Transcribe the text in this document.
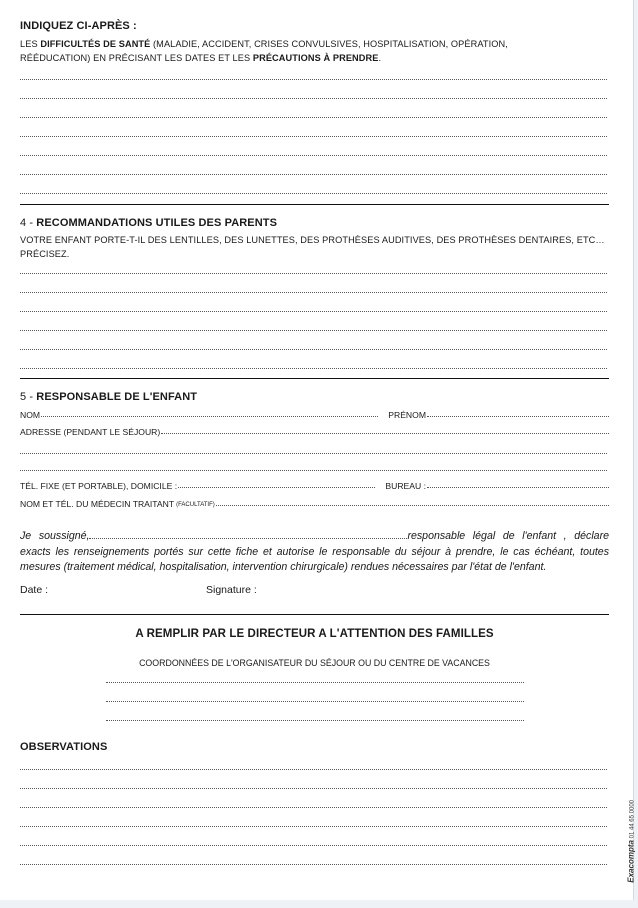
INDIQUEZ CI-APRÈS :
LES DIFFICULTÉS DE SANTÉ (MALADIE, ACCIDENT, CRISES CONVULSIVES, HOSPITALISATION, OPÉRATION,
RÉÉDUCATION) EN PRÉCISANT LES DATES ET LES PRÉCAUTIONS À PRENDRE.
4 - RECOMMANDATIONS UTILES DES PARENTS
VOTRE ENFANT PORTE-T-IL DES LENTILLES, DES LUNETTES, DES PROTHÈSES AUDITIVES, DES PROTHÈSES DENTAIRES, ETC…
PRÉCISEZ.
5 - RESPONSABLE DE L'ENFANT
NOM	PRÉNOM
ADRESSE (PENDANT LE SÉJOUR)
TÉL. FIXE (ET PORTABLE), DOMICILE :	BUREAU :
NOM ET TÉL. DU MÉDECIN TRAITANT (FACULTATIF)
Je soussigné,	responsable légal de l'enfant , déclare exacts les renseignements portés sur cette fiche et autorise le responsable du séjour à prendre, le cas échéant, toutes mesures (traitement médical, hospitalisation, intervention chirurgicale) rendues nécessaires par l'état de l'enfant.
Date :	Signature :
A REMPLIR PAR LE DIRECTEUR A L'ATTENTION DES FAMILLES
COORDONNÉES DE L'ORGANISATEUR DU SÉJOUR OU DU CENTRE DE VACANCES
OBSERVATIONS
Exacompta 01 44 65 0000
